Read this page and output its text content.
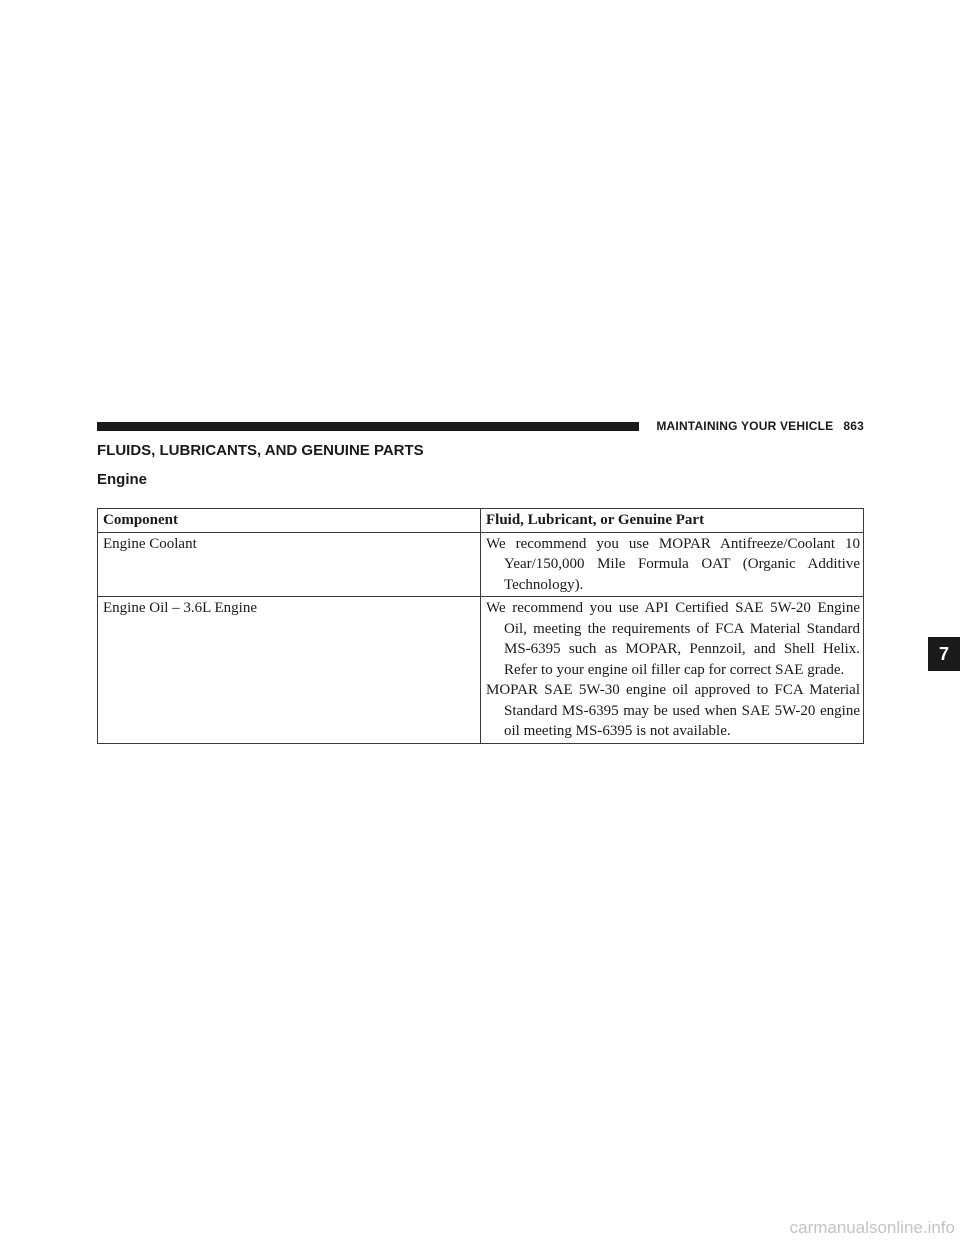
MAINTAINING YOUR VEHICLE 863
FLUIDS, LUBRICANTS, AND GENUINE PARTS
Engine
Component	Fluid, Lubricant, or Genuine Part
Engine Coolant	We recommend you use MOPAR Antifreeze/Coolant 10 Year/150,000 Mile Formula OAT (Organic Additive Technology).

Engine Oil – 3.6L Engine	We recommend you use API Certified SAE 5W-20 Engine Oil, meeting the requirements of FCA Material Standard MS-6395 such as MOPAR, Pennzoil, and Shell Helix. Refer to your engine oil filler cap for correct SAE grade.

MOPAR SAE 5W-30 engine oil approved to FCA Material Standard MS-6395 may be used when SAE 5W-20 engine oil meeting MS-6395 is not available.

7
carmanualsonline.info
